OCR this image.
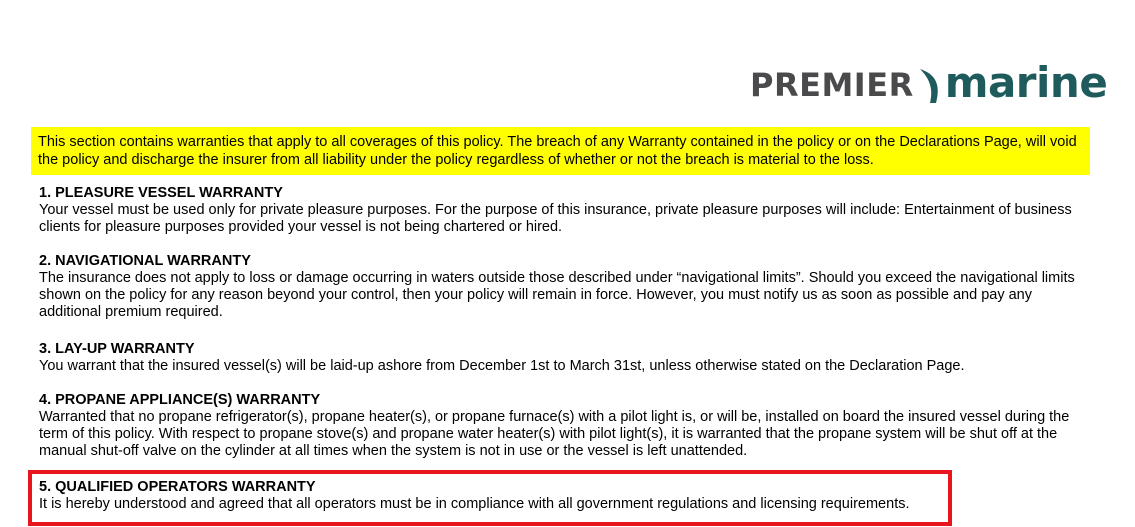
PREMIER marine
This section contains warranties that apply to all coverages of this policy. The breach of any Warranty contained in the policy or on the Declarations Page, will void the policy and discharge the insurer from all liability under the policy regardless of whether or not the breach is material to the loss.
1. PLEASURE VESSEL WARRANTY
Your vessel must be used only for private pleasure purposes. For the purpose of this insurance, private pleasure purposes will include: Entertainment of business clients for pleasure purposes provided your vessel is not being chartered or hired.
2. NAVIGATIONAL WARRANTY
The insurance does not apply to loss or damage occurring in waters outside those described under “navigational limits”. Should you exceed the navigational limits shown on the policy for any reason beyond your control, then your policy will remain in force. However, you must notify us as soon as possible and pay any additional premium required.
3. LAY-UP WARRANTY
You warrant that the insured vessel(s) will be laid-up ashore from December 1st to March 31st, unless otherwise stated on the Declaration Page.
4. PROPANE APPLIANCE(S) WARRANTY
Warranted that no propane refrigerator(s), propane heater(s), or propane furnace(s) with a pilot light is, or will be, installed on board the insured vessel during the term of this policy. With respect to propane stove(s) and propane water heater(s) with pilot light(s), it is warranted that the propane system will be shut off at the manual shut-off valve on the cylinder at all times when the system is not in use or the vessel is left unattended.
5. QUALIFIED OPERATORS WARRANTY
It is hereby understood and agreed that all operators must be in compliance with all government regulations and licensing requirements.
